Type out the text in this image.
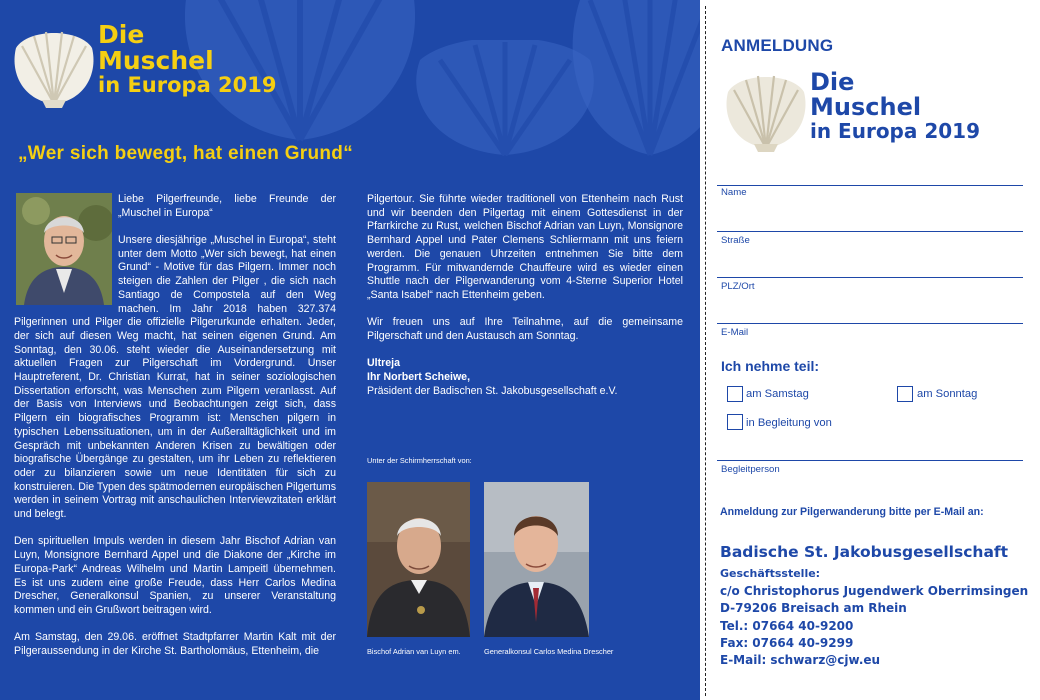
Die
Muschel
in Europa 2019
„Wer sich bewegt, hat einen Grund“

Liebe Pilgerfreunde, liebe Freunde der „Muschel in Europa“

Unsere diesjährige „Muschel in Europa“, steht unter dem Motto „Wer sich bewegt, hat einen Grund“ - Motive für das Pilgern. Immer noch steigen die Zahlen der Pilger , die sich nach Santiago de Compostela auf den Weg machen. Im Jahr 2018 haben 327.374 Pilgerinnen und Pilger die offizielle Pilgerurkunde erhalten. Jeder, der sich auf diesen Weg macht, hat seinen eigenen Grund. Am Sonntag, den 30.06. steht wieder die Auseinandersetzung mit aktuellen Fragen zur Pilgerschaft im Vordergrund. Unser Hauptreferent, Dr. Christian Kurrat, hat in seiner soziologischen Dissertation erforscht, was Menschen zum Pilgern veranlasst. Auf der Basis von Interviews und Beobachtungen zeigt sich, dass Pilgern ein biografisches Programm ist: Menschen pilgern in typischen Lebenssituationen, um in der Außeralltäglichkeit und im Gespräch mit unbekannten Anderen Krisen zu bewältigen oder biografische Übergänge zu gestalten, um ihr Leben zu reflektieren oder zu bilanzieren sowie um neue Identitäten für sich zu konstruieren. Die Typen des spätmodernen europäischen Pilgertums werden in seinem Vortrag mit anschaulichen Interviewzitaten erklärt und belegt.

Den spirituellen Impuls werden in diesem Jahr Bischof Adrian van Luyn, Monsignore Bernhard Appel und die Diakone der „Kirche im Europa-Park“ Andreas Wilhelm und Martin Lampeitl übernehmen. Es ist uns zudem eine große Freude, dass Herr Carlos Medina Drescher, Generalkonsul Spanien, zu unserer Veranstaltung kommen und ein Grußwort beitragen wird.

Am Samstag, den 29.06. eröffnet Stadtpfarrer Martin Kalt mit der Pilgeraussendung in der Kirche St. Bartholomäus, Ettenheim, die

Pilgertour. Sie führte wieder traditionell von Ettenheim nach Rust und wir beenden den Pilgertag mit einem Gottesdienst in der Pfarrkirche zu Rust, welchen Bischof Adrian van Luyn, Monsignore Bernhard Appel und Pater Clemens Schliermann mit uns feiern werden. Die genauen Uhrzeiten entnehmen Sie bitte dem Programm. Für mitwandernde Chauffeure wird es wieder einen Shuttle nach der Pilgerwanderung vom 4-Sterne Superior Hotel „Santa Isabel“ nach Ettenheim geben.

Wir freuen uns auf Ihre Teilnahme, auf die gemeinsame Pilgerschaft und den Austausch am Sonntag.

Ultreja
Ihr Norbert Scheiwe,
Präsident der Badischen St. Jakobusgesellschaft e.V.
Unter der Schirmherrschaft von:
Bischof Adrian van Luyn em.	Generalkonsul Carlos Medina Drescher
ANMELDUNG
Die
Muschel
in Europa 2019
Name
Straße
PLZ/Ort
E-Mail
Ich nehme teil:
am Samstag	am Sonntag
in Begleitung von
Begleitperson
Anmeldung zur Pilgerwanderung bitte per E-Mail an:
Badische St. Jakobusgesellschaft
Geschäftsstelle:
c/o Christophorus Jugendwerk Oberrimsingen
D-79206 Breisach am Rhein
Tel.: 07664 40-9200
Fax: 07664 40-9299
E-Mail: schwarz@cjw.eu
